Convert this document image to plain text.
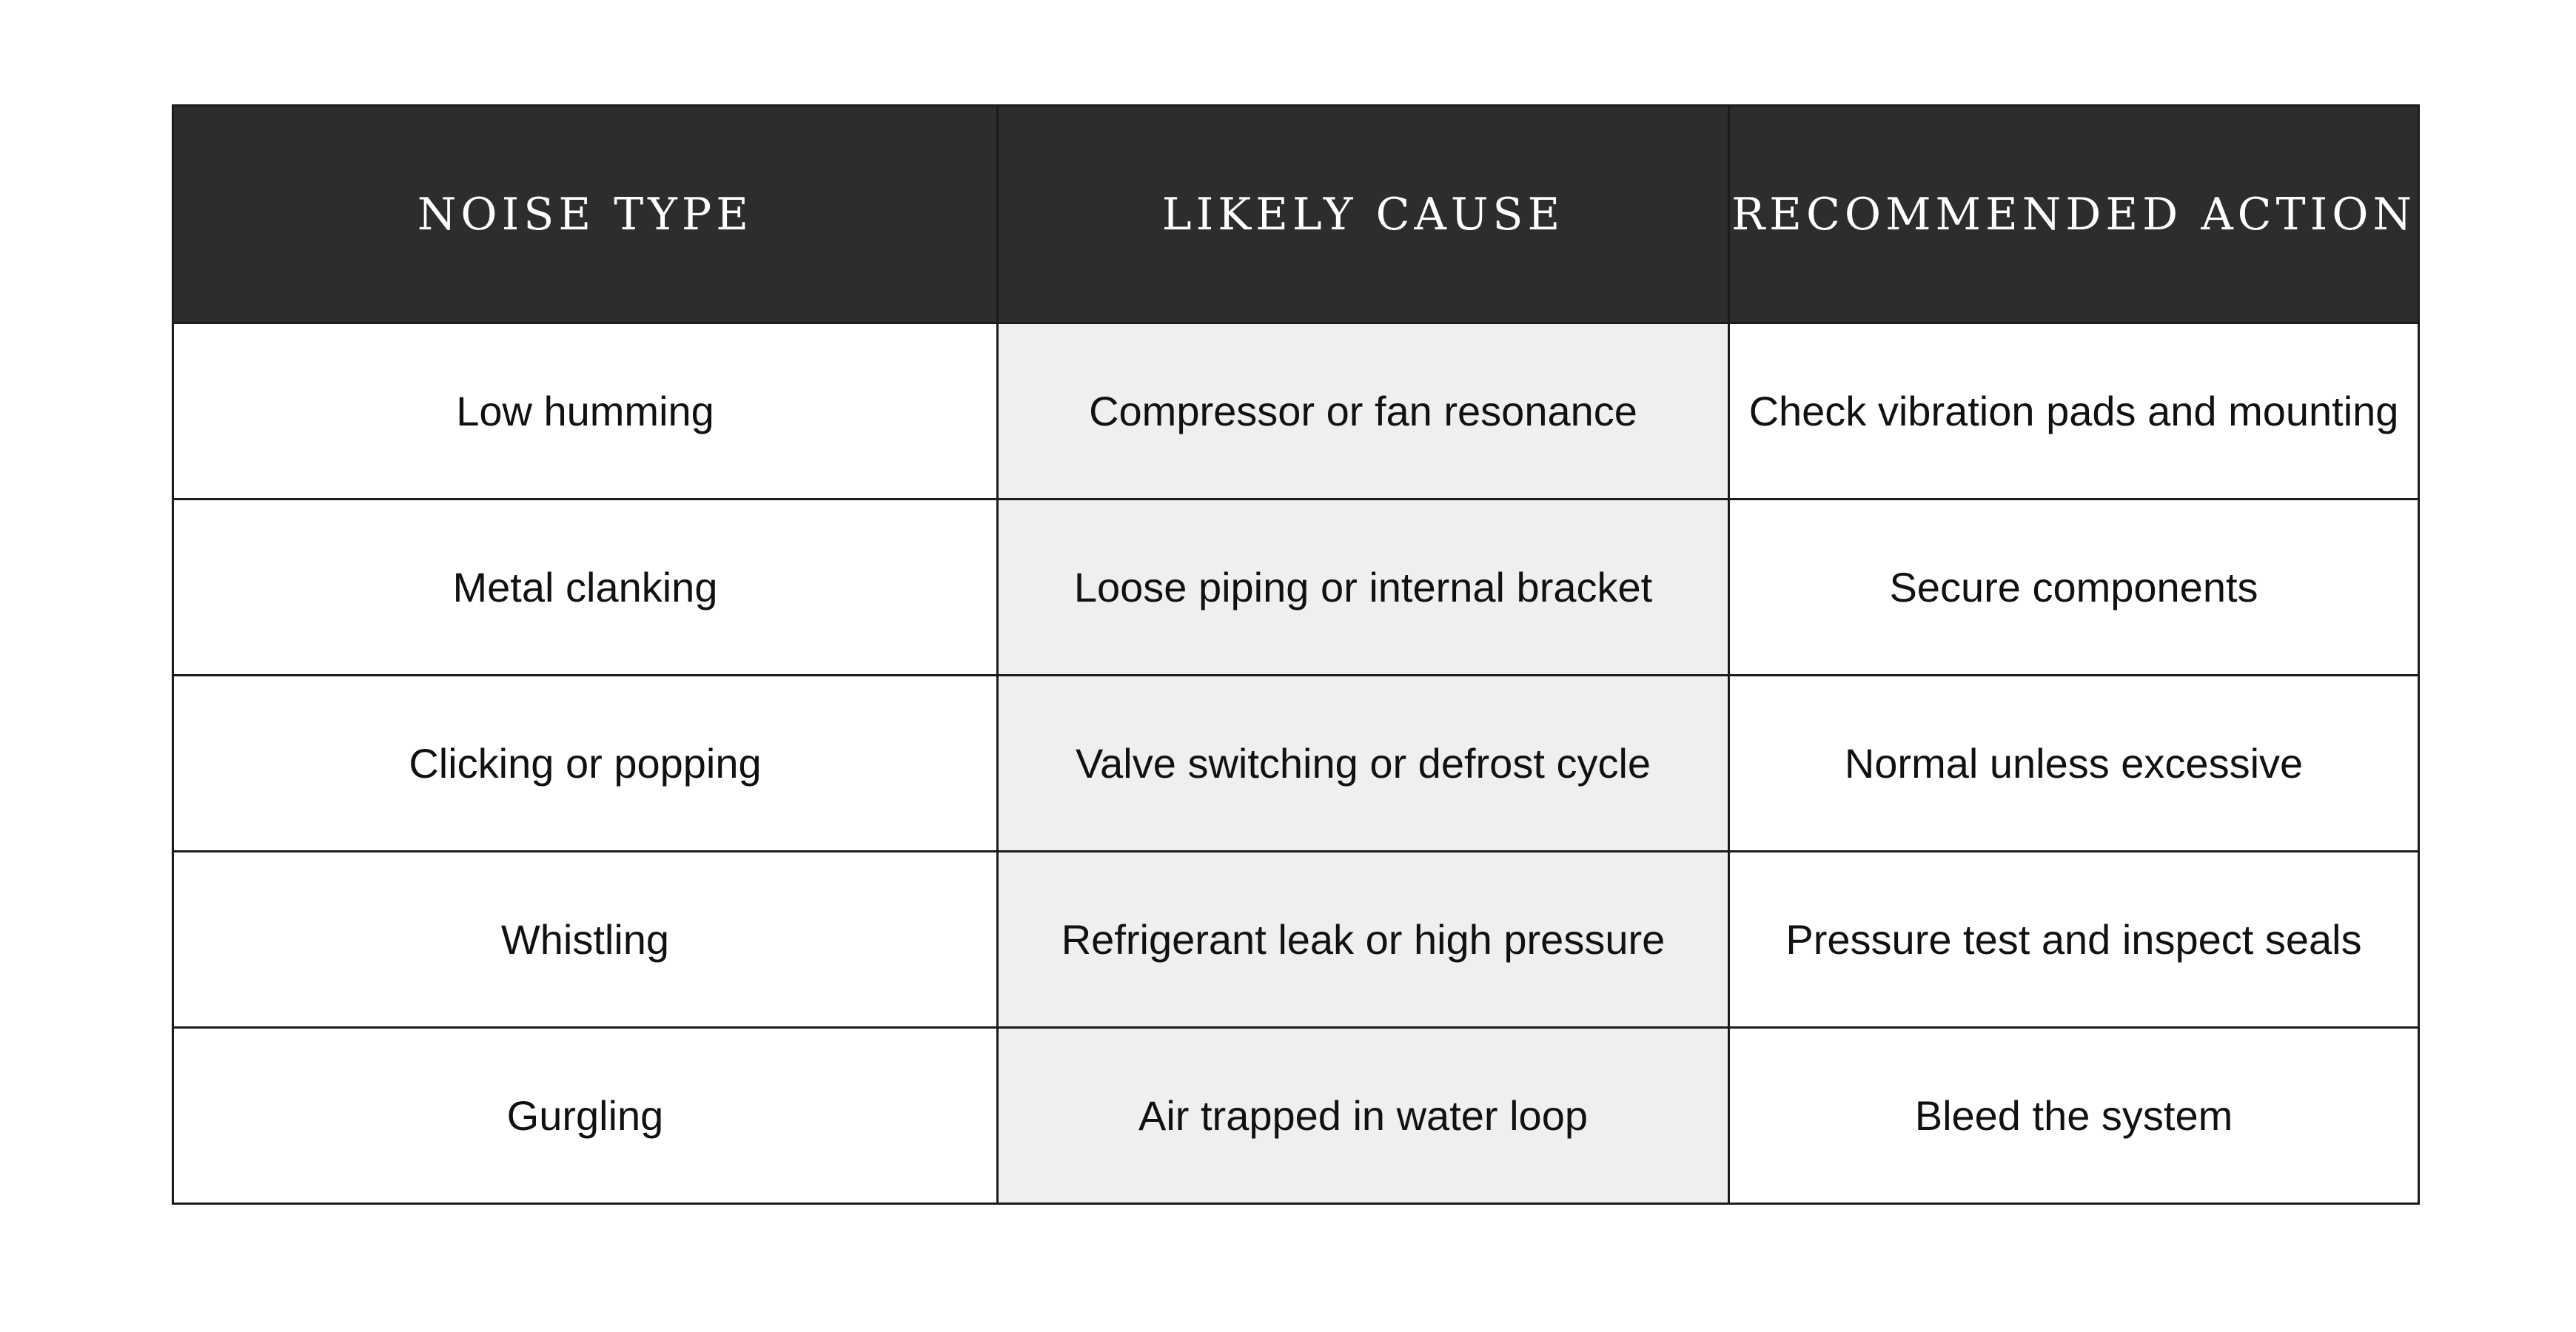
NOISE TYPE	LIKELY CAUSE	RECOMMENDED ACTION
Low humming	Compressor or fan resonance	Check vibration pads and mounting
Metal clanking	Loose piping or internal bracket	Secure components
Clicking or popping	Valve switching or defrost cycle	Normal unless excessive
Whistling	Refrigerant leak or high pressure	Pressure test and inspect seals
Gurgling	Air trapped in water loop	Bleed the system
